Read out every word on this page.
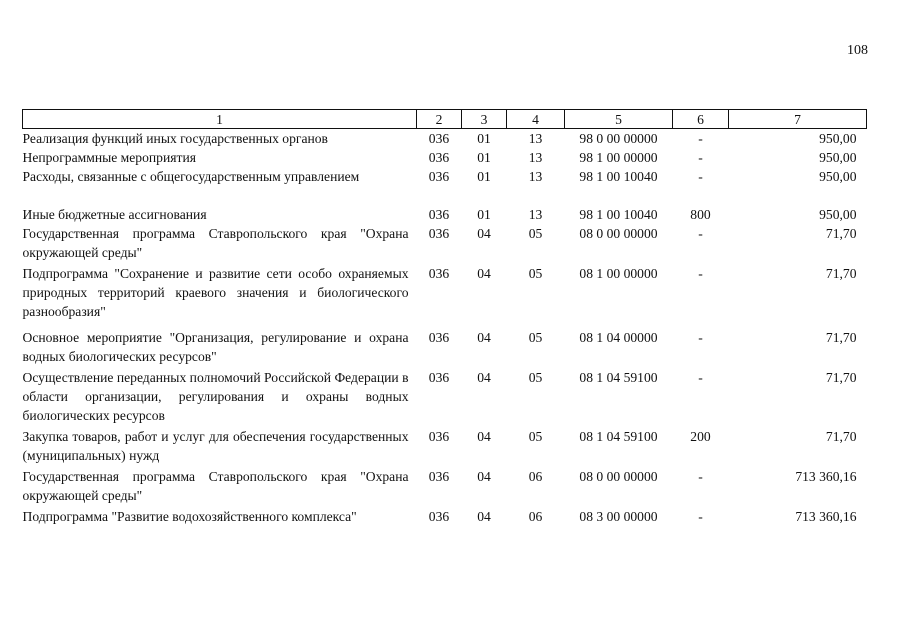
108
1	2	3	4	5	6	7
Реализация функций иных государственных органов	036	01	13	98 0 00 00000	-	950,00
Непрограммные мероприятия	036	01	13	98 1 00 00000	-	950,00
Расходы, связанные с общегосударственным управлением	036	01	13	98 1 00 10040	-	950,00
Иные бюджетные ассигнования	036	01	13	98 1 00 10040	800	950,00
Государственная программа Ставропольского края "Охрана окружающей среды"	036	04	05	08 0 00 00000	-	71,70
Подпрограмма "Сохранение и развитие сети особо охраняемых природных территорий краевого значения и биологического разнообразия"	036	04	05	08 1 00 00000	-	71,70
Основное мероприятие "Организация, регулирование и охрана водных биологических ресурсов"	036	04	05	08 1 04 00000	-	71,70
Осуществление переданных полномочий Российской Федерации в области организации, регулирования и охраны водных биологических ресурсов	036	04	05	08 1 04 59100	-	71,70
Закупка товаров, работ и услуг для обеспечения государственных (муниципальных) нужд	036	04	05	08 1 04 59100	200	71,70
Государственная программа Ставропольского края "Охрана окружающей среды"	036	04	06	08 0 00 00000	-	713 360,16
Подпрограмма "Развитие водохозяйственного комплекса"	036	04	06	08 3 00 00000	-	713 360,16
